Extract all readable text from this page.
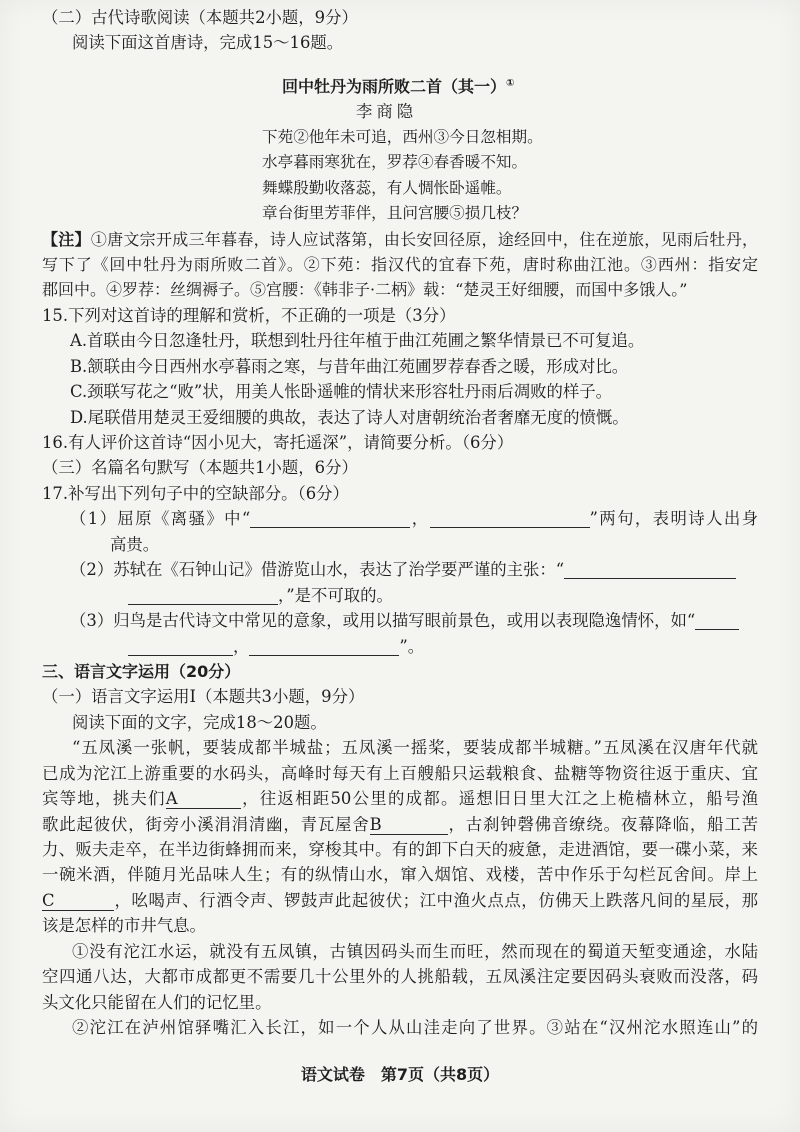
（二）古代诗歌阅读（本题共2小题，9分）
阅读下面这首唐诗，完成15～16题。
回中牡丹为雨所败二首（其一）①
李商隐
下苑②他年未可追，西州③今日忽相期。
水亭暮雨寒犹在，罗荐④春香暖不知。
舞蝶殷勤收落蕊，有人惆怅卧遥帷。
章台街里芳菲伴，且问宫腰⑤损几枝？
【注】①唐文宗开成三年暮春，诗人应试落第，由长安回径原，途经回中，住在逆旅，见雨后牡丹，
写下了《回中牡丹为雨所败二首》。②下苑：指汉代的宜春下苑，唐时称曲江池。③西州：指安定
郡回中。④罗荐：丝绸褥子。⑤宫腰：《韩非子·二柄》载：“楚灵王好细腰，而国中多饿人。”
15.下列对这首诗的理解和赏析，不正确的一项是（3分）
A.首联由今日忽逢牡丹，联想到牡丹往年植于曲江苑圃之繁华情景已不可复追。
B.颔联由今日西州水亭暮雨之寒，与昔年曲江苑圃罗荐春香之暖，形成对比。
C.颈联写花之“败”状，用美人怅卧遥帷的情状来形容牡丹雨后凋败的样子。
D.尾联借用楚灵王爱细腰的典故，表达了诗人对唐朝统治者奢靡无度的愤慨。
16.有人评价这首诗“因小见大，寄托遥深”，请简要分析。（6分）
（三）名篇名句默写（本题共1小题，6分）
17.补写出下列句子中的空缺部分。（6分）
（1）屈原《离骚》中“	，	”两句，表明诗人出身
高贵。
（2）苏轼在《石钟山记》借游览山水，表达了治学要严谨的主张：“
，”是不可取的。
（3）归鸟是古代诗文中常见的意象，或用以描写眼前景色，或用以表现隐逸情怀，如“
，	”。
三、语言文字运用（20分）
（一）语言文字运用Ⅰ（本题共3小题，9分）
阅读下面的文字，完成18～20题。
“五凤溪一张帆，要装成都半城盐；五凤溪一摇桨，要装成都半城糖。”五凤溪在汉唐年代就
已成为沱江上游重要的水码头，高峰时每天有上百艘船只运载粮食、盐糖等物资往返于重庆、宜
宾等地，挑夫们A	，往返相距50公里的成都。遥想旧日里大江之上桅樯林立，船号渔
歌此起彼伏，街旁小溪涓涓清幽，青瓦屋舍B	，古刹钟磬佛音缭绕。夜幕降临，船工苦
力、贩夫走卒，在半边街蜂拥而来，穿梭其中。有的卸下白天的疲惫，走进酒馆，要一碟小菜，来
一碗米酒，伴随月光品味人生；有的纵情山水，窜入烟馆、戏楼，苦中作乐于勾栏瓦舍间。岸上
C	，吆喝声、行酒令声、锣鼓声此起彼伏；江中渔火点点，仿佛天上跌落凡间的星辰，那
该是怎样的市井气息。
①没有沱江水运，就没有五凤镇，古镇因码头而生而旺，然而现在的蜀道天堑变通途，水陆
空四通八达，大都市成都更不需要几十公里外的人挑船载，五凤溪注定要因码头衰败而没落，码
头文化只能留在人们的记忆里。
②沱江在泸州馆驿嘴汇入长江，如一个人从山洼走向了世界。③站在“汉州沱水照连山”的
语文试卷　第7页（共8页）
